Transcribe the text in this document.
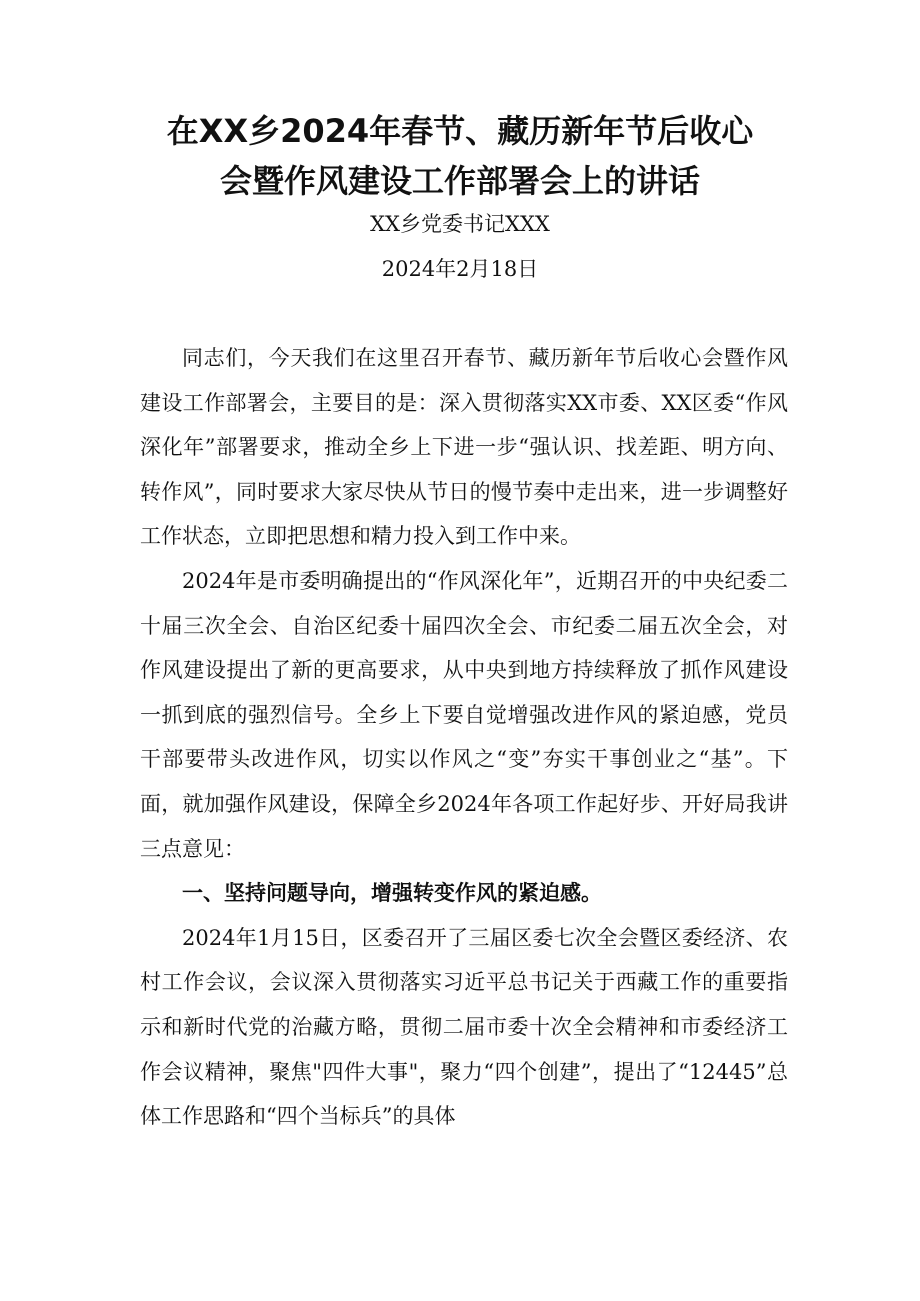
在XX乡2024年春节、藏历新年节后收心
会暨作风建设工作部署会上的讲话
XX乡党委书记XXX
2024年2月18日

同志们，今天我们在这里召开春节、藏历新年节后收心会暨作风建设工作部署会，主要目的是：深入贯彻落实XX市委、XX区委“作风深化年”部署要求，推动全乡上下进一步“强认识、找差距、明方向、转作风”，同时要求大家尽快从节日的慢节奏中走出来，进一步调整好工作状态，立即把思想和精力投入到工作中来。

2024年是市委明确提出的“作风深化年”，近期召开的中央纪委二十届三次全会、自治区纪委十届四次全会、市纪委二届五次全会，对作风建设提出了新的更高要求，从中央到地方持续释放了抓作风建设一抓到底的强烈信号。全乡上下要自觉增强改进作风的紧迫感，党员干部要带头改进作风，切实以作风之“变”夯实干事创业之“基”。下面，就加强作风建设，保障全乡2024年各项工作起好步、开好局我讲三点意见：

一、坚持问题导向，增强转变作风的紧迫感。

2024年1月15日，区委召开了三届区委七次全会暨区委经济、农村工作会议，会议深入贯彻落实习近平总书记关于西藏工作的重要指示和新时代党的治藏方略，贯彻二届市委十次全会精神和市委经济工作会议精神，聚焦"四件大事"，聚力“四个创建”，提出了“12445”总体工作思路和“四个当标兵”的具体
